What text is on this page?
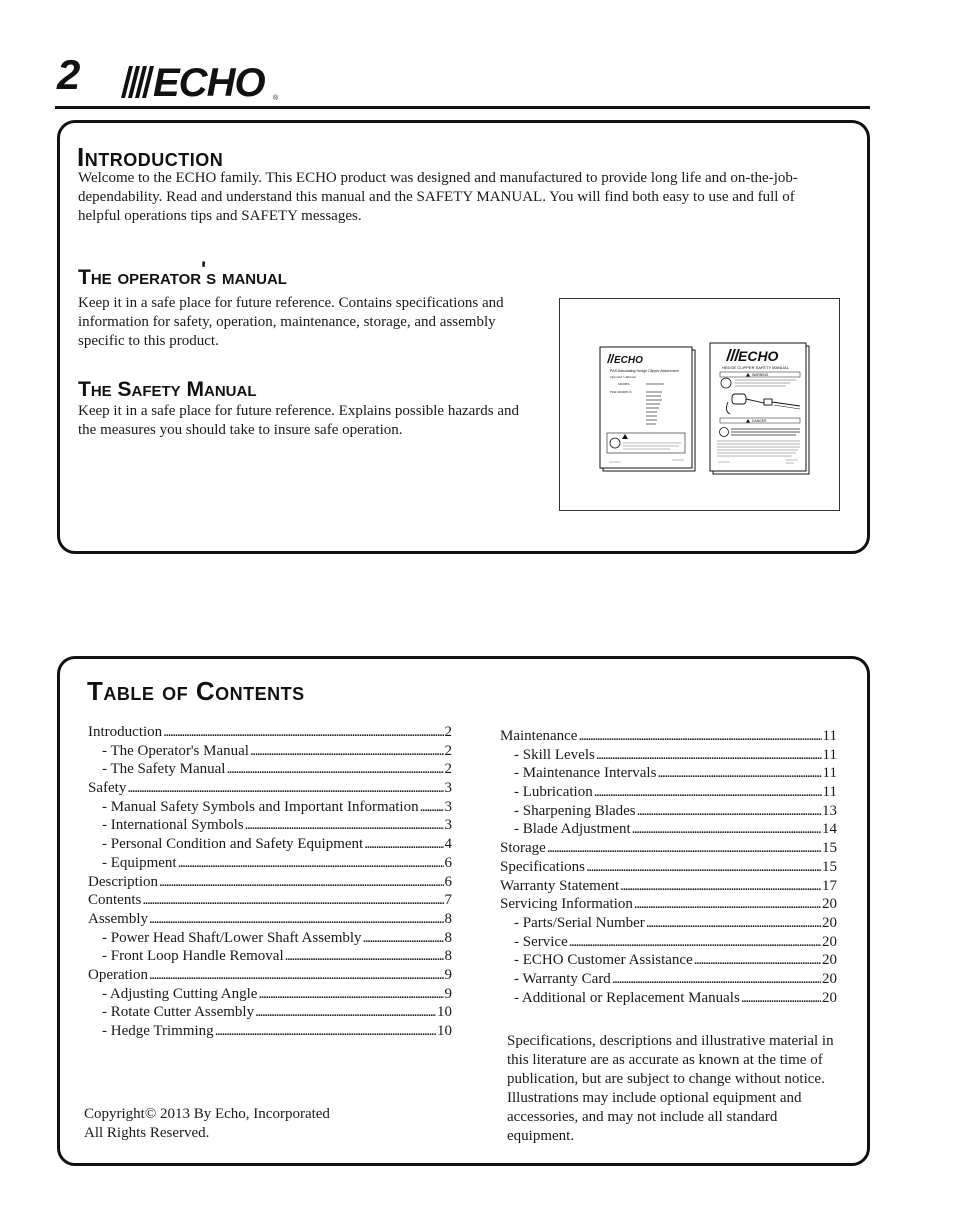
2 ECHO ®
Introduction
Welcome to the ECHO family. This ECHO product was designed and manufactured to provide long life and on-the-job-dependability. Read and understand this manual and the SAFETY MANUAL. You will find both easy to use and full of helpful operations tips and SAFETY messages.
The operator's manual
Keep it in a safe place for future reference. Contains specifications and information for safety, operation, maintenance, storage, and assembly specific to this product.
The Safety Manual
Keep it in a safe place for future reference. Explains possible hazards and the measures you should take to insure safe operation.
ECHO
PAS Articulating Hedge Clipper Attachment
Operator's Manual
MODEL
FOR MODELS:
ECHO
HEDGE CLIPPER SAFETY MANUAL
WARNING
DANGER
Table of Contents
Introduction . . .	2
- The Operator's Manual . . .	2
- The Safety Manual . . .	2
Safety . . .	3
- Manual Safety Symbols and Important Information . . . 3
- International Symbols . . .	3
- Personal Condition and Safety Equipment . . .	4
- Equipment . . .	6
Description . . .	6
Contents . . .	7
Assembly . . .	8
- Power Head Shaft/Lower Shaft Assembly . . .	8
- Front Loop Handle Removal . . .	8
Operation . . .	9
- Adjusting Cutting Angle . . .	9
- Rotate Cutter Assembly . . .	10
- Hedge Trimming . . .	10
Maintenance . . .	11
- Skill Levels . . .	11
- Maintenance Intervals . . .	11
- Lubrication . . .	11
- Sharpening Blades . . .	13
- Blade Adjustment . . .	14
Storage . . .	15
Specifications . . .	15
Warranty Statement . . .	17
Servicing Information . . .	20
- Parts/Serial Number . . .	20
- Service . . .	20
- ECHO Customer Assistance . . .	20
- Warranty Card . . .	20
- Additional or Replacement Manuals . . .	20
Specifications, descriptions and illustrative material in this literature are as accurate as known at the time of publication, but are subject to change without notice. Illustrations may include optional equipment and accessories, and may not include all standard equipment.
Copyright© 2013 By Echo, Incorporated
All Rights Reserved.
